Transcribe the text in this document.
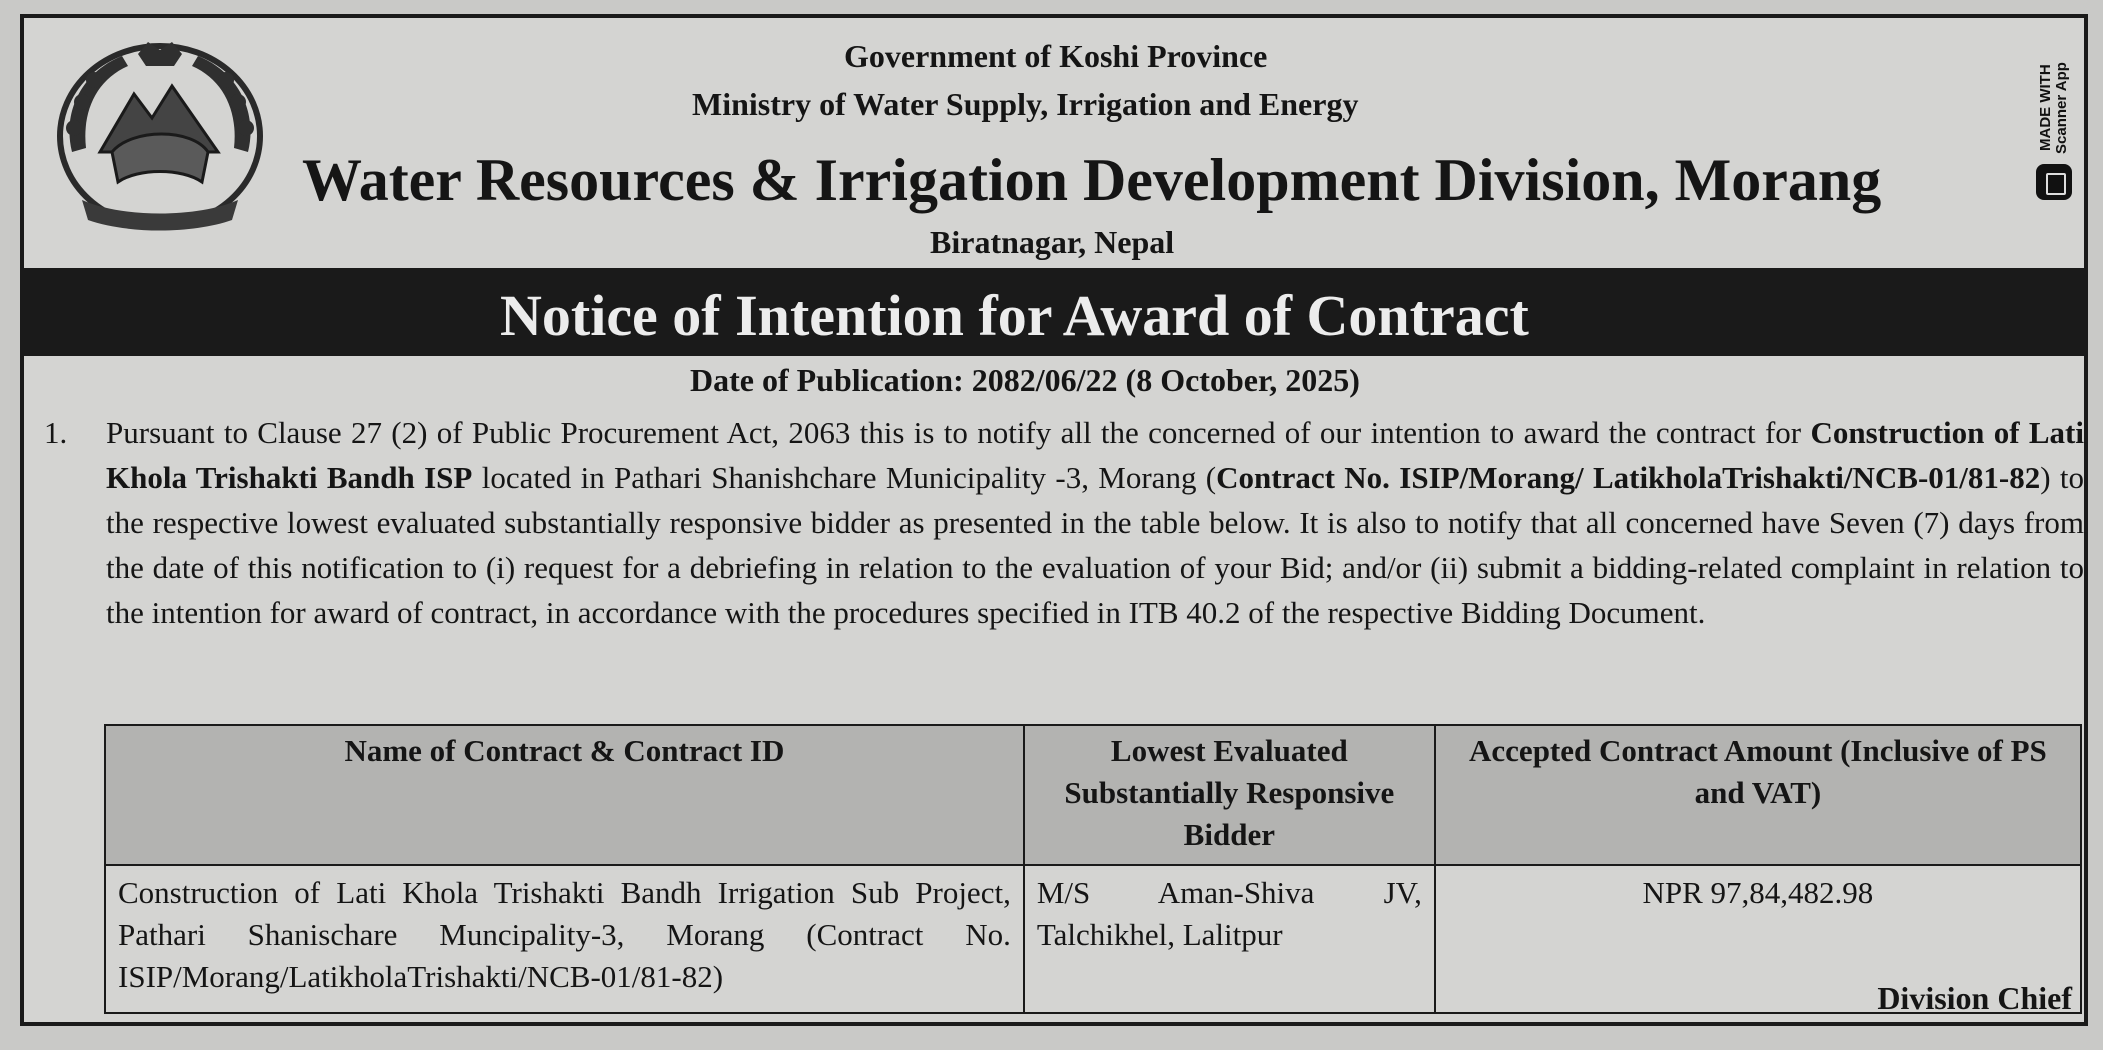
Government of Koshi Province
Ministry of Water Supply, Irrigation and Energy
Water Resources & Irrigation Development Division, Morang
Biratnagar, Nepal
MADE WITH Scanner App
Notice of Intention for Award of Contract
Date of Publication: 2082/06/22 (8 October, 2025)
1. Pursuant to Clause 27 (2) of Public Procurement Act, 2063 this is to notify all the concerned of our intention to award the contract for Construction of Lati Khola Trishakti Bandh ISP located in Pathari Shanishchare Municipality -3, Morang (Contract No. ISIP/Morang/ LatikholaTrishakti/NCB-01/81-82) to the respective lowest evaluated substantially responsive bidder as presented in the table below. It is also to notify that all concerned have Seven (7) days from the date of this notification to (i) request for a debriefing in relation to the evaluation of your Bid; and/or (ii) submit a bidding-related complaint in relation to the intention for award of contract, in accordance with the procedures specified in ITB 40.2 of the respective Bidding Document.
Name of Contract & Contract ID	Lowest Evaluated Substantially Responsive Bidder	Accepted Contract Amount (Inclusive of PS and VAT)
Construction of Lati Khola Trishakti Bandh Irrigation Sub Project, Pathari Shanischare Muncipality-3, Morang (Contract No. ISIP/Morang/LatikholaTrishakti/NCB-01/81-82)	M/S Aman-Shiva JV, Talchikhel, Lalitpur	NPR 97,84,482.98
Division Chief
